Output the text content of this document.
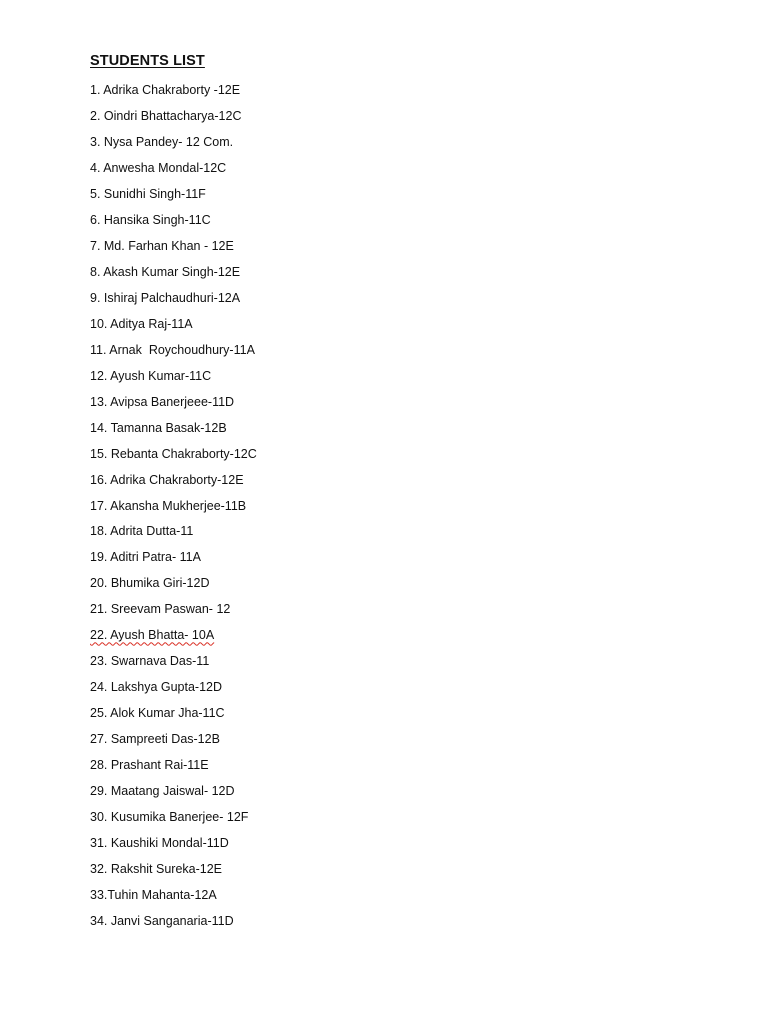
STUDENTS LIST
1. Adrika Chakraborty -12E
2. Oindri Bhattacharya-12C
3. Nysa Pandey- 12 Com.
4. Anwesha Mondal-12C
5. Sunidhi Singh-11F
6. Hansika Singh-11C
7. Md. Farhan Khan - 12E
8. Akash Kumar Singh-12E
9. Ishiraj Palchaudhuri-12A
10. Aditya Raj-11A
11. Arnak  Roychoudhury-11A
12. Ayush Kumar-11C
13. Avipsa Banerjeee-11D
14. Tamanna Basak-12B
15. Rebanta Chakraborty-12C
16. Adrika Chakraborty-12E
17. Akansha Mukherjee-11B
18. Adrita Dutta-11
19. Aditri Patra- 11A
20. Bhumika Giri-12D
21. Sreevam Paswan- 12
22. Ayush Bhatta- 10A
23. Swarnava Das-11
24. Lakshya Gupta-12D
25. Alok Kumar Jha-11C
27. Sampreeti Das-12B
28. Prashant Rai-11E
29. Maatang Jaiswal- 12D
30. Kusumika Banerjee- 12F
31. Kaushiki Mondal-11D
32. Rakshit Sureka-12E
33.Tuhin Mahanta-12A
34. Janvi Sanganaria-11D
